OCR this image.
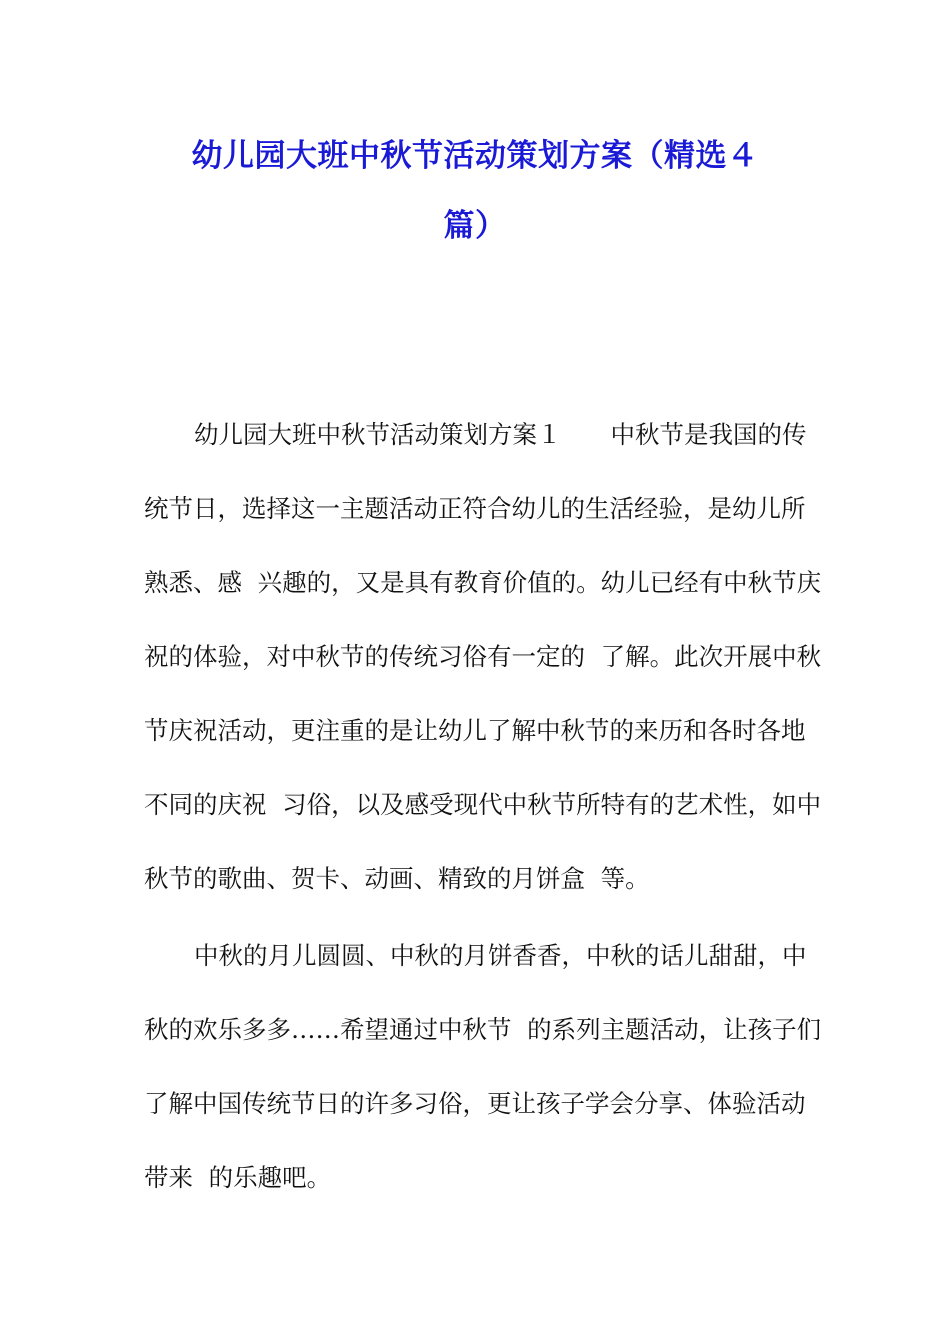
幼儿园大班中秋节活动策划方案（精选４
篇）
幼儿园大班中秋节活动策划方案１　　中秋节是我国的传
统节日，选择这一主题活动正符合幼儿的生活经验，是幼儿所
熟悉、感  兴趣的，又是具有教育价值的。幼儿已经有中秋节庆
祝的体验，对中秋节的传统习俗有一定的  了解。此次开展中秋
节庆祝活动，更注重的是让幼儿了解中秋节的来历和各时各地
不同的庆祝  习俗，以及感受现代中秋节所特有的艺术性，如中
秋节的歌曲、贺卡、动画、精致的月饼盒  等。
中秋的月儿圆圆、中秋的月饼香香，中秋的话儿甜甜，中
秋的欢乐多多……希望通过中秋节  的系列主题活动，让孩子们
了解中国传统节日的许多习俗，更让孩子学会分享、体验活动
带来  的乐趣吧。
